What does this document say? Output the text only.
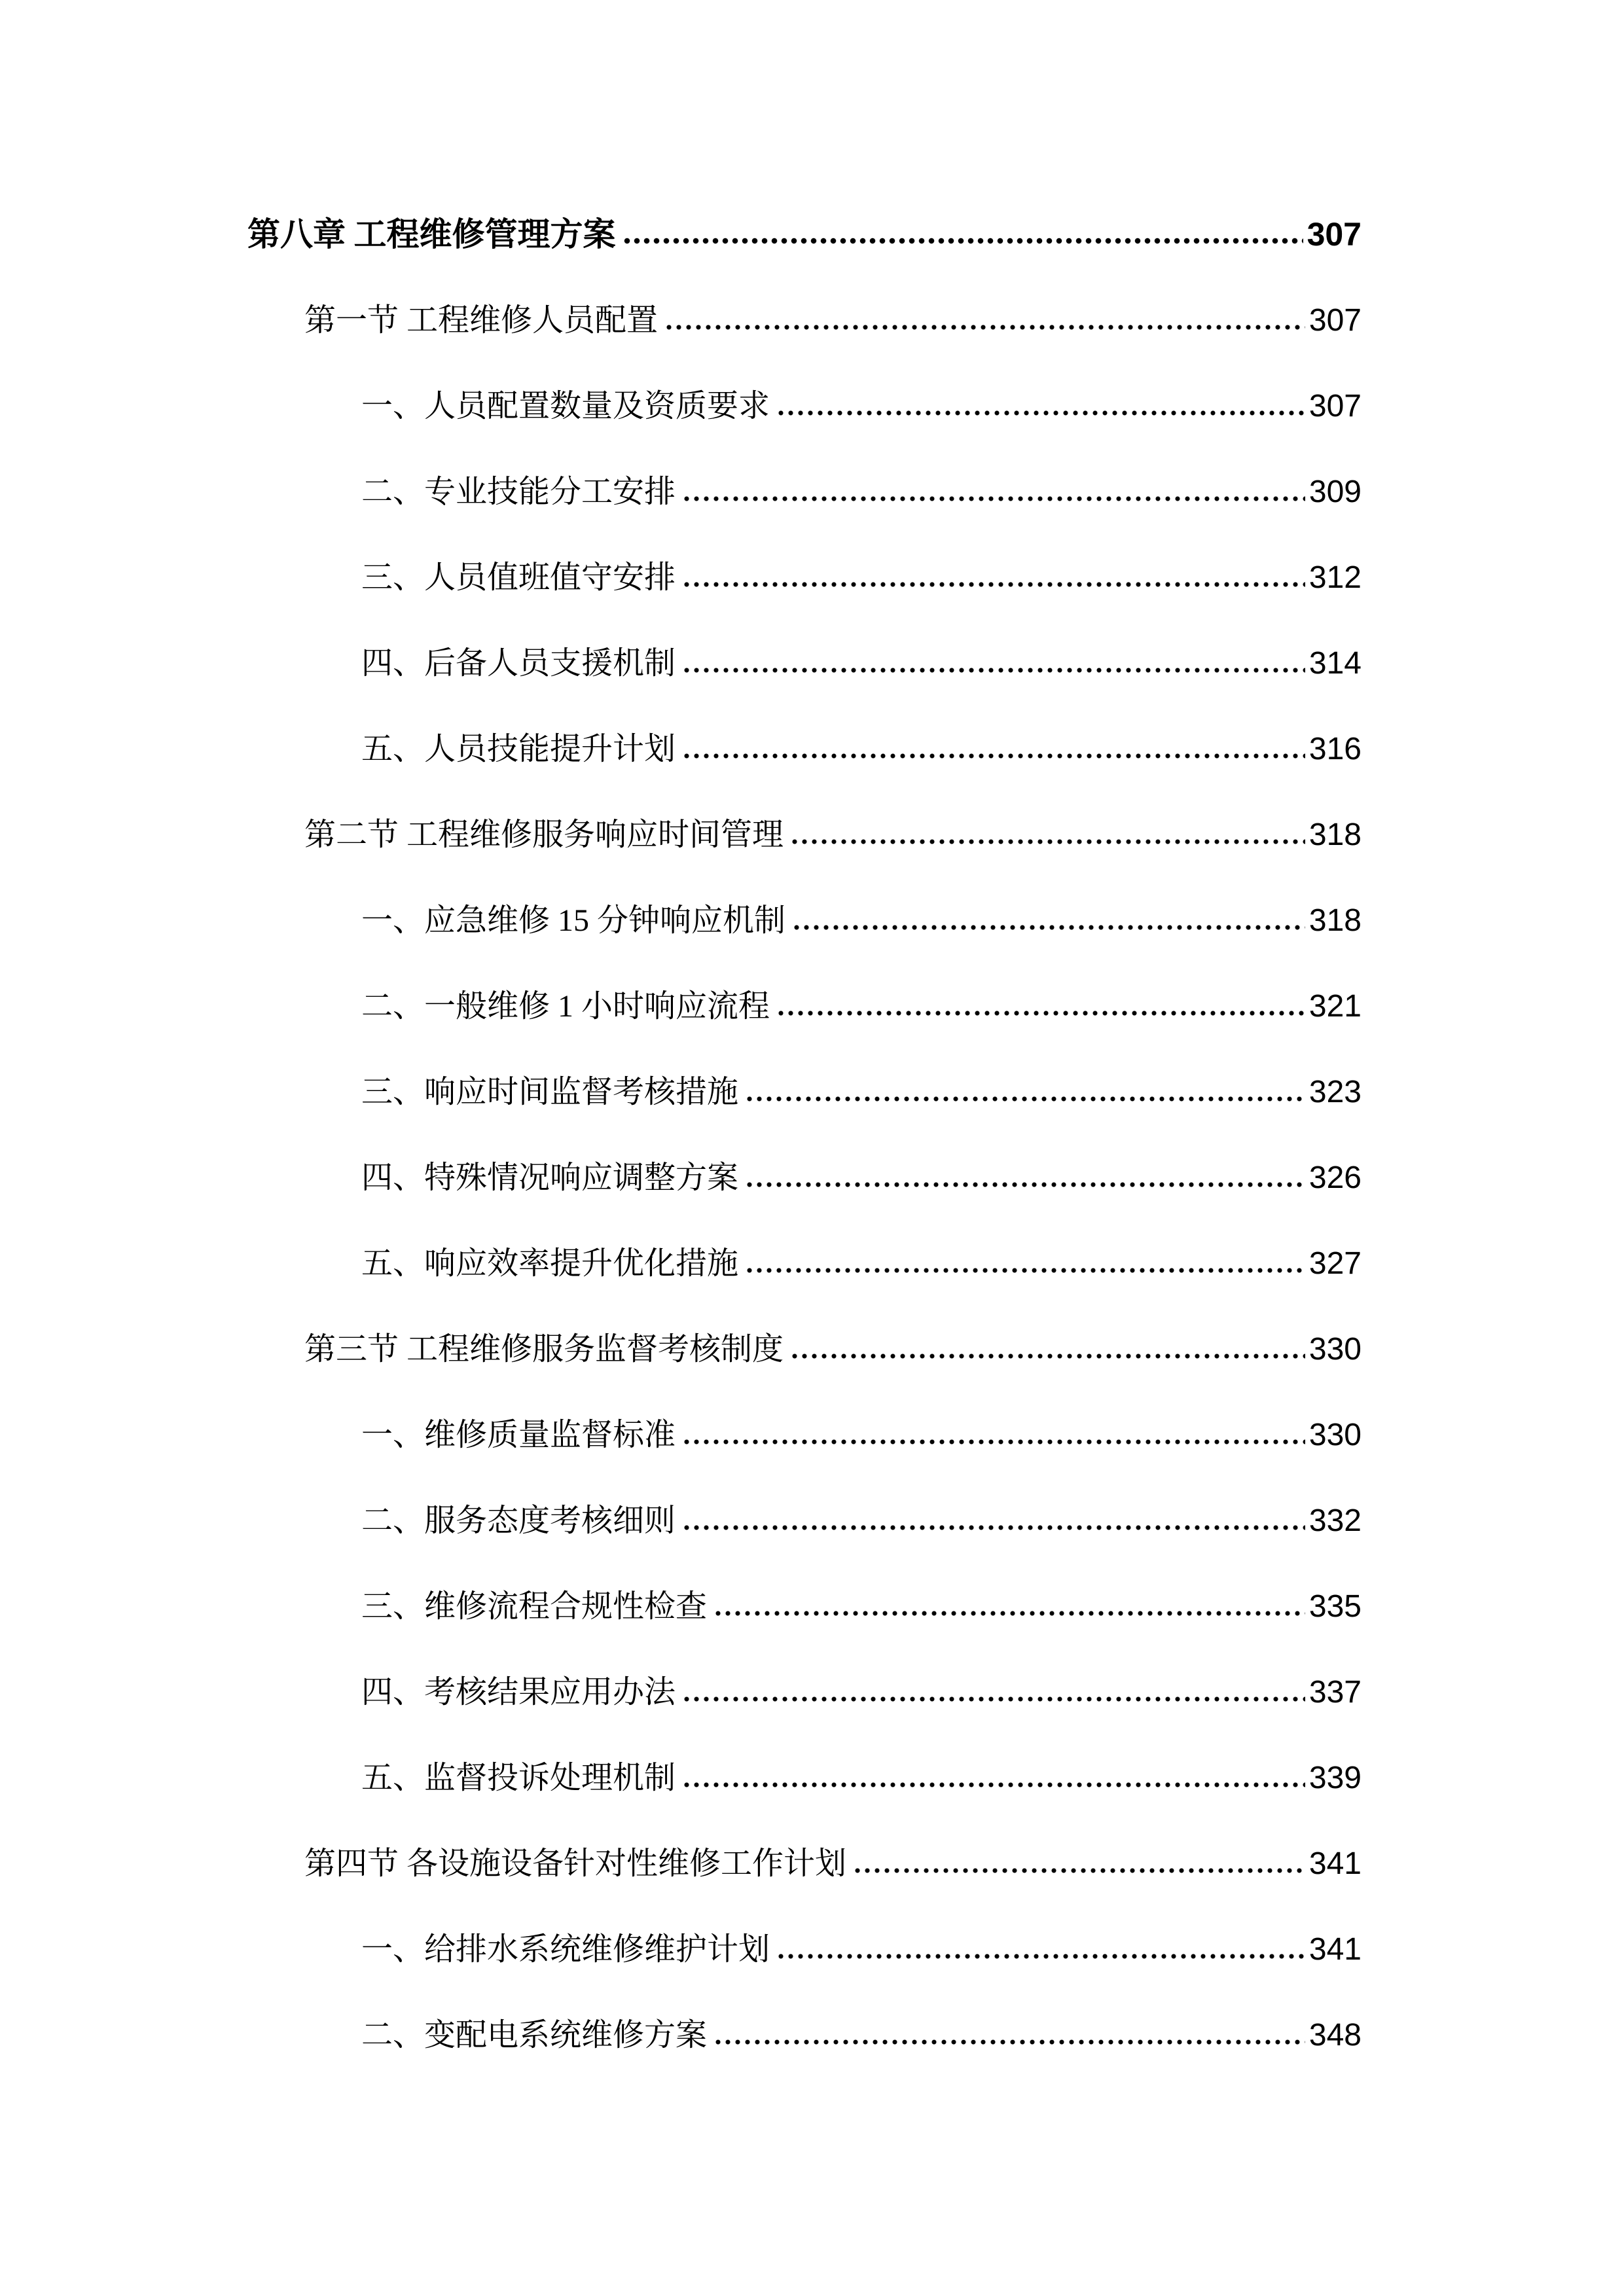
第八章 工程维修管理方案	307
第一节 工程维修人员配置	307
一、人员配置数量及资质要求	307
二、专业技能分工安排	309
三、人员值班值守安排	312
四、后备人员支援机制	314
五、人员技能提升计划	316
第二节 工程维修服务响应时间管理	318
一、应急维修 15 分钟响应机制	318
二、一般维修 1 小时响应流程	321
三、响应时间监督考核措施	323
四、特殊情况响应调整方案	326
五、响应效率提升优化措施	327
第三节 工程维修服务监督考核制度	330
一、维修质量监督标准	330
二、服务态度考核细则	332
三、维修流程合规性检查	335
四、考核结果应用办法	337
五、监督投诉处理机制	339
第四节 各设施设备针对性维修工作计划	341
一、给排水系统维修维护计划	341
二、变配电系统维修方案	348
